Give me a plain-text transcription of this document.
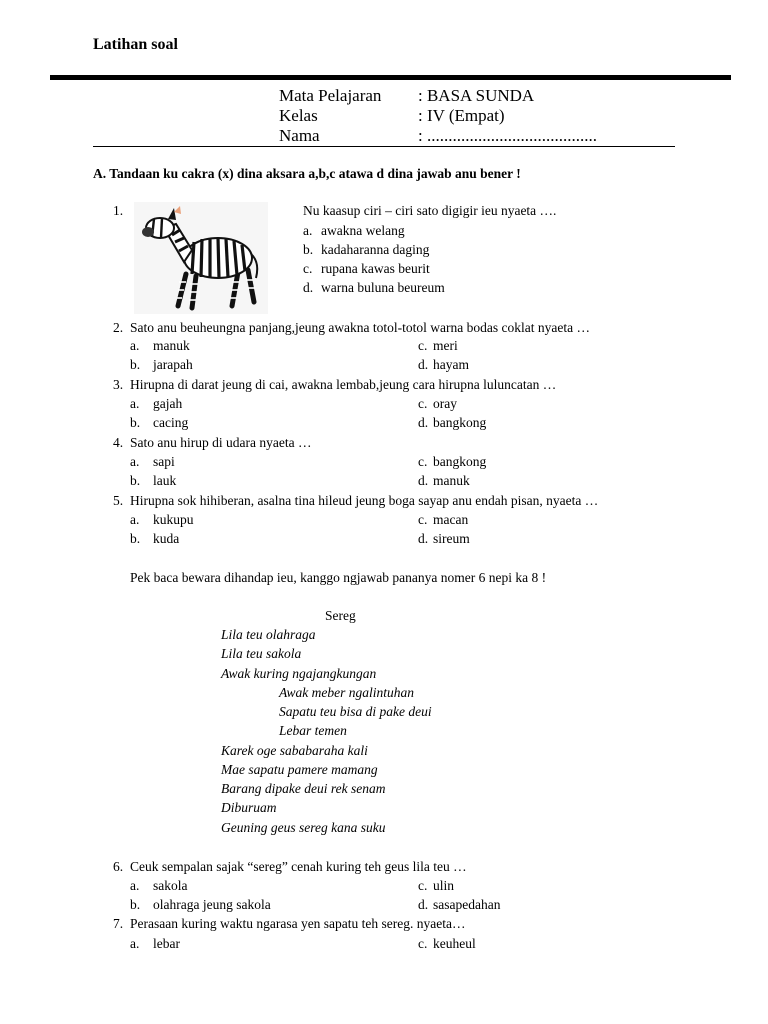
Latihan soal
Mata Pelajaran : BASA SUNDA
Kelas	: IV (Empat)
Nama	: ........................................
A. Tandaan ku cakra (x) dina aksara a,b,c atawa d dina jawab anu bener !
1.	Nu kaasup ciri – ciri sato digigir ieu nyaeta ….
a. awakna welang
b. kadaharanna daging
c. rupana kawas beurit
d. warna buluna beureum
2. Sato anu beuheungna panjang,jeung awakna totol-totol warna bodas coklat nyaeta …
a. manuk
b. jarapah
c. meri
d. hayam
3. Hirupna di darat jeung di cai, awakna lembab,jeung cara hirupna luluncatan …
a. gajah
b. cacing
c. oray
d. bangkong
4. Sato anu hirup di udara nyaeta …
a. sapi
b. lauk
c. bangkong
d. manuk
5. Hirupna sok hihiberan, asalna tina hileud jeung boga sayap anu endah pisan, nyaeta …
a. kukupu
b. kuda
c. macan
d. sireum
Pek baca bewara dihandap ieu, kanggo ngjawab pananya nomer 6 nepi ka 8 !
Sereg
Lila teu olahraga
Lila teu sakola
Awak kuring ngajangkungan
Awak meber ngalintuhan
Sapatu teu bisa di pake deui
Lebar temen
Karek oge sababaraha kali
Mae sapatu pamere mamang
Barang dipake deui rek senam
Diburuam
Geuning geus sereg kana suku
6. Ceuk sempalan sajak “sereg” cenah kuring teh geus lila teu …
a. sakola
b. olahraga jeung sakola
c. ulin
d. sasapedahan
7. Perasaan kuring waktu ngarasa yen sapatu teh sereg. nyaeta…
a. lebar	c. keuheul
